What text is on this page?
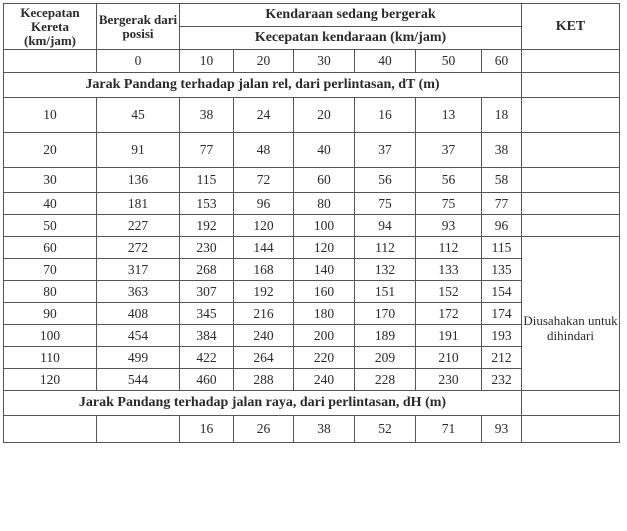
Kecepatan Kereta (km/jam)	Bergerak dari posisi	Kendaraan sedang bergerak						KET
		Kecepatan kendaraan (km/jam)						
	0	10	20	30	40	50	60	
Jarak Pandang terhadap jalan rel, dari perlintasan, dT (m)								
10	45	38	24	20	16	13	18	
20	91	77	48	40	37	37	38	
30	136	115	72	60	56	56	58	
40	181	153	96	80	75	75	77	
50	227	192	120	100	94	93	96	
60	272	230	144	120	112	112	115	Diusahakan untuk dihindari
70	317	268	168	140	132	133	135	
80	363	307	192	160	151	152	154	
90	408	345	216	180	170	172	174	
100	454	384	240	200	189	191	193	
110	499	422	264	220	209	210	212	
120	544	460	288	240	228	230	232	
Jarak Pandang terhadap jalan raya, dari perlintasan, dH (m)								
		16	26	38	52	71	93	
